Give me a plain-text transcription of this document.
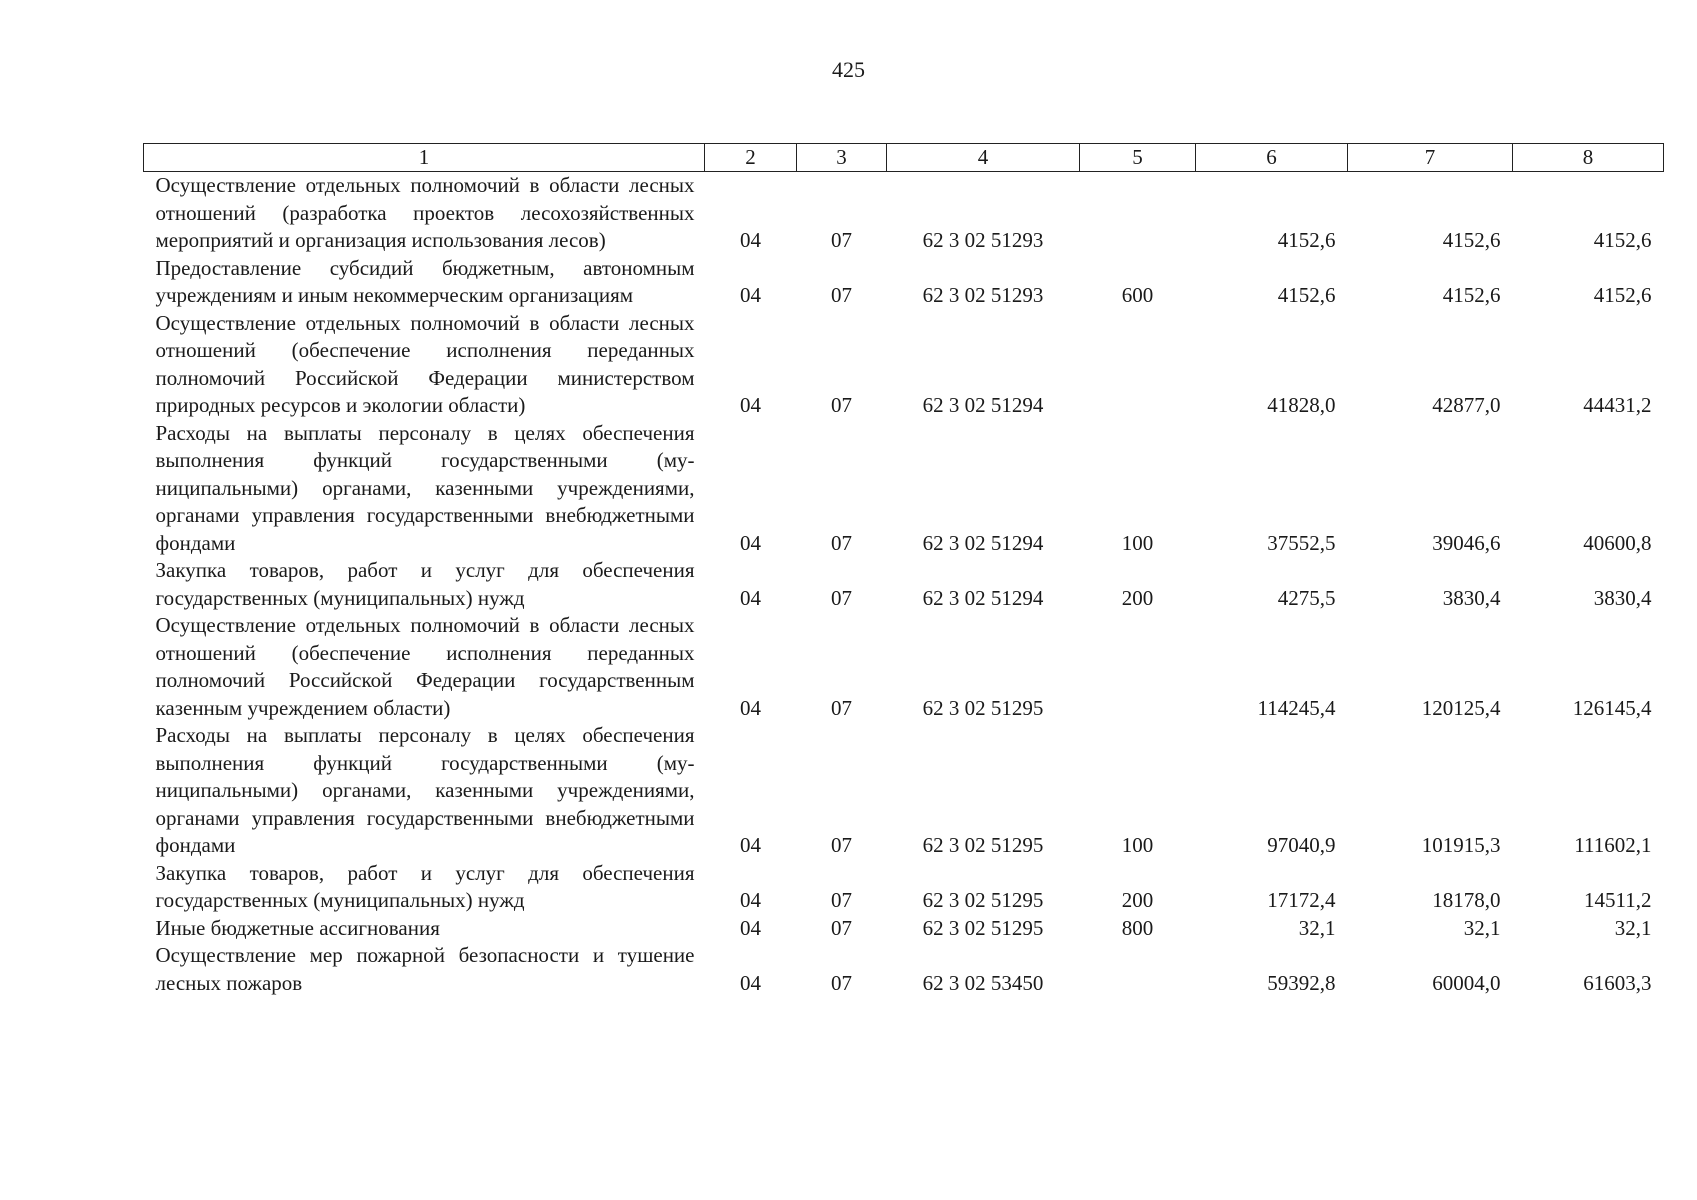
425
1	2	3	4	5	6	7	8
Осуществление отдельных полномочий в области лесных отношений (разработка проектов лесохозяйственных мероприятий и организация использования лесов)	04	07	62 3 02 51293		4152,6	4152,6	4152,6
Предоставление субсидий бюджетным, автономным учреждениям и иным некоммерческим организациям	04	07	62 3 02 51293	600	4152,6	4152,6	4152,6
Осуществление отдельных полномочий в области лесных отношений (обеспечение исполнения переданных полномочий Российской Федерации министерством природных ресурсов и экологии области)	04	07	62 3 02 51294		41828,0	42877,0	44431,2
Расходы на выплаты персоналу в целях обеспечения выполнения функций государственными (муниципальными) органами, казенными учреждениями, органами управления государственными внебюджетными фондами	04	07	62 3 02 51294	100	37552,5	39046,6	40600,8
Закупка товаров, работ и услуг для обеспечения государственных (муниципальных) нужд	04	07	62 3 02 51294	200	4275,5	3830,4	3830,4
Осуществление отдельных полномочий в области лесных отношений (обеспечение исполнения переданных полномочий Российской Федерации государственным казенным учреждением области)	04	07	62 3 02 51295		114245,4	120125,4	126145,4
Расходы на выплаты персоналу в целях обеспечения выполнения функций государственными (муниципальными) органами, казенными учреждениями, органами управления государственными внебюджетными фондами	04	07	62 3 02 51295	100	97040,9	101915,3	111602,1
Закупка товаров, работ и услуг для обеспечения государственных (муниципальных) нужд	04	07	62 3 02 51295	200	17172,4	18178,0	14511,2
Иные бюджетные ассигнования	04	07	62 3 02 51295	800	32,1	32,1	32,1
Осуществление мер пожарной безопасности и тушение лесных пожаров	04	07	62 3 02 53450		59392,8	60004,0	61603,3
